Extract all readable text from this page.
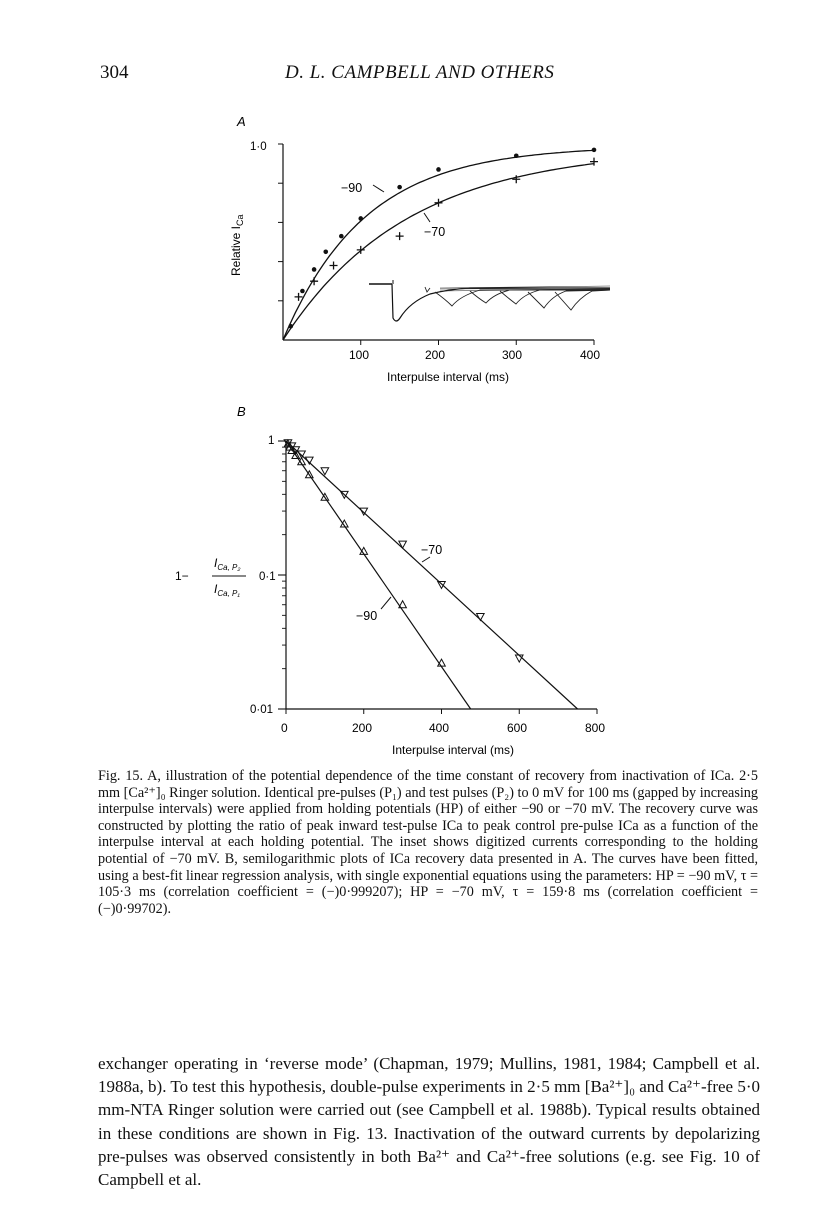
304	D. L. CAMPBELL AND OTHERS
A
1·0
Relative $I_{Ca}$
100	200	300	400
Interpulse interval (ms)
−90
−70
B
1
0·1
0·01
1−
$I_{Ca, P_2}$
$I_{Ca, P_1}$
0	200	400	600	800
Interpulse interval (ms)
−70
−90

Fig. 15. A, illustration of the potential dependence of the time constant of recovery from inactivation of ICa. 2·5 mm [Ca²⁺]₀ Ringer solution. Identical pre-pulses (P₁) and test pulses (P₂) to 0 mV for 100 ms (gapped by increasing interpulse intervals) were applied from holding potentials (HP) of either −90 or −70 mV. The recovery curve was constructed by plotting the ratio of peak inward test-pulse ICa to peak control pre-pulse ICa as a function of the interpulse interval at each holding potential. The inset shows digitized currents corresponding to the holding potential of −70 mV. B, semilogarithmic plots of ICa recovery data presented in A. The curves have been fitted, using a best-fit linear regression analysis, with single exponential equations using the parameters: HP = −90 mV, τ = 105·3 ms (correlation coefficient = (−)0·999207); HP = −70 mV, τ = 159·8 ms (correlation coefficient = (−)0·99702).

exchanger operating in ‘reverse mode’ (Chapman, 1979; Mullins, 1981, 1984; Campbell et al. 1988a, b). To test this hypothesis, double-pulse experiments in 2·5 mm [Ba²⁺]₀ and Ca²⁺-free 5·0 mm-NTA Ringer solution were carried out (see Campbell et al. 1988b). Typical results obtained in these conditions are shown in Fig. 13. Inactivation of the outward currents by depolarizing pre-pulses was observed consistently in both Ba²⁺ and Ca²⁺-free solutions (e.g. see Fig. 10 of Campbell et al.
